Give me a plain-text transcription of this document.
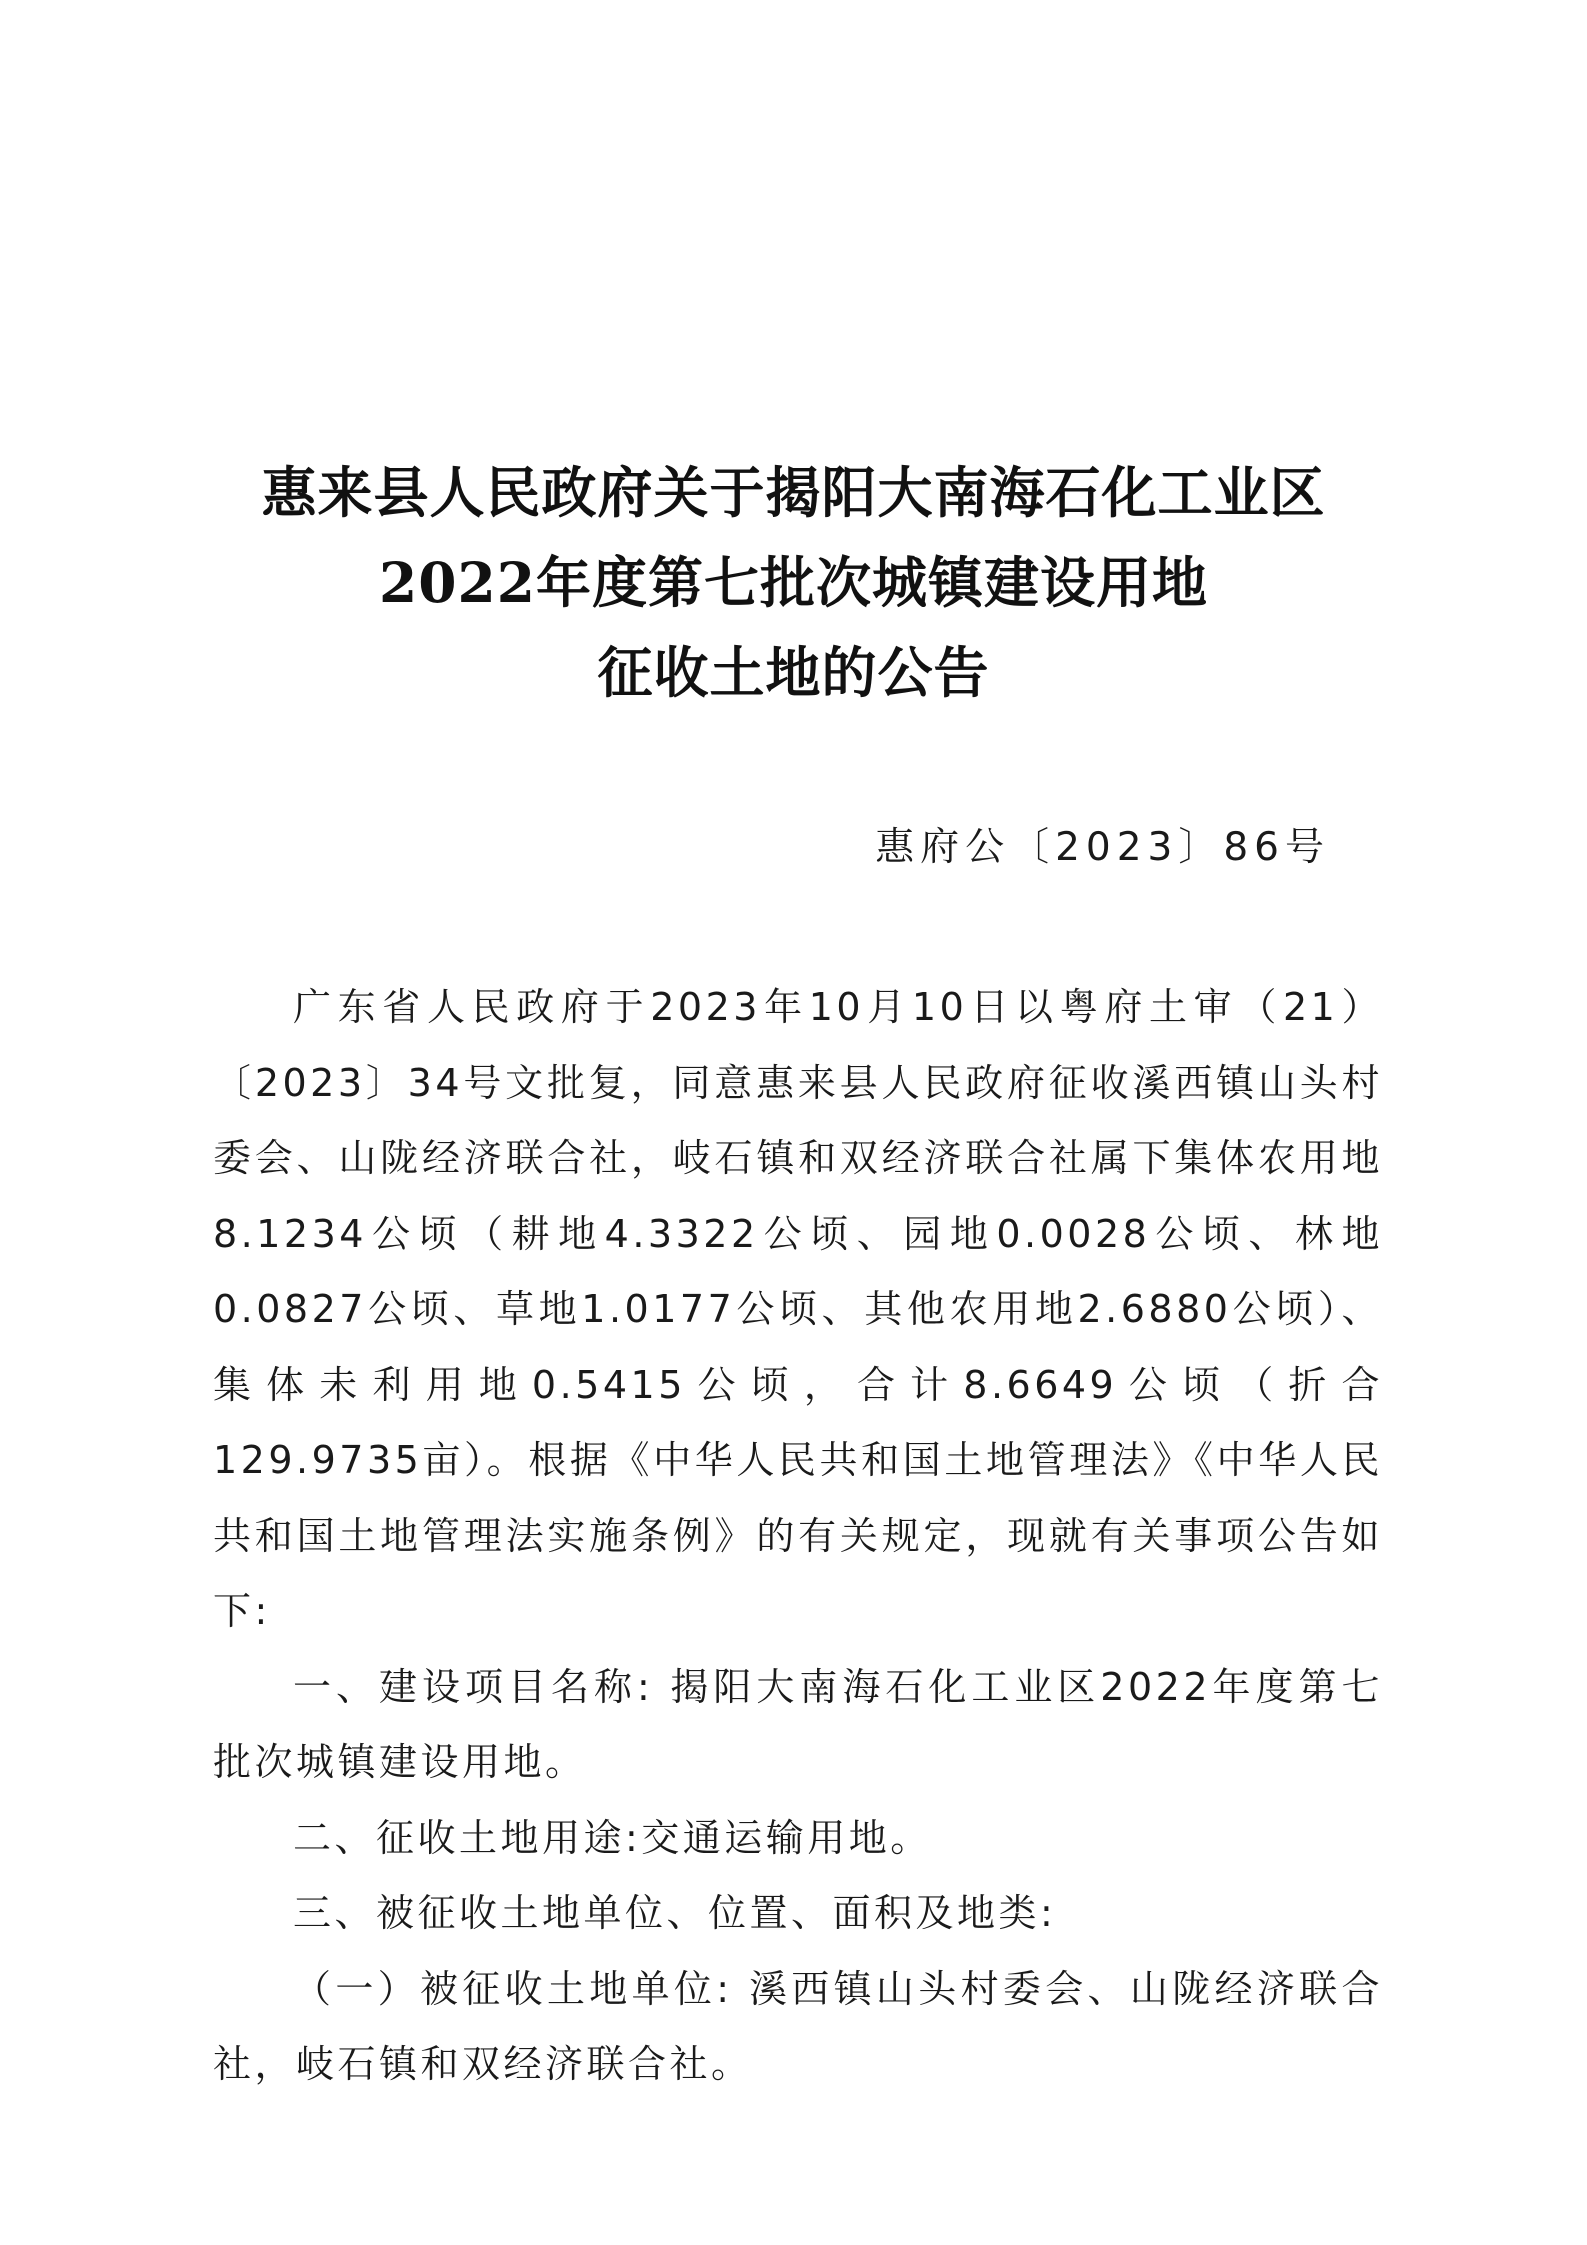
惠来县人民政府关于揭阳大南海石化工业区
2022年度第七批次城镇建设用地
征收土地的公告
惠府公〔2023〕86号

广东省人民政府于2023年10月10日以粤府土审（21）〔2023〕34号文批复，同意惠来县人民政府征收溪西镇山头村委会、山陇经济联合社，岐石镇和双经济联合社属下集体农用地8.1234公顷（耕地4.3322公顷、园地0.0028公顷、林地0.0827公顷、草地1.0177公顷、其他农用地2.6880公顷）、集体未利用地0.5415公顷，合计8.6649公顷（折合129.9735亩）。根据《中华人民共和国土地管理法》《中华人民共和国土地管理法实施条例》的有关规定，现就有关事项公告如下:

一、建设项目名称: 揭阳大南海石化工业区2022年度第七批次城镇建设用地。

二、征收土地用途:交通运输用地。

三、被征收土地单位、位置、面积及地类:

（一）被征收土地单位: 溪西镇山头村委会、山陇经济联合社，岐石镇和双经济联合社。
